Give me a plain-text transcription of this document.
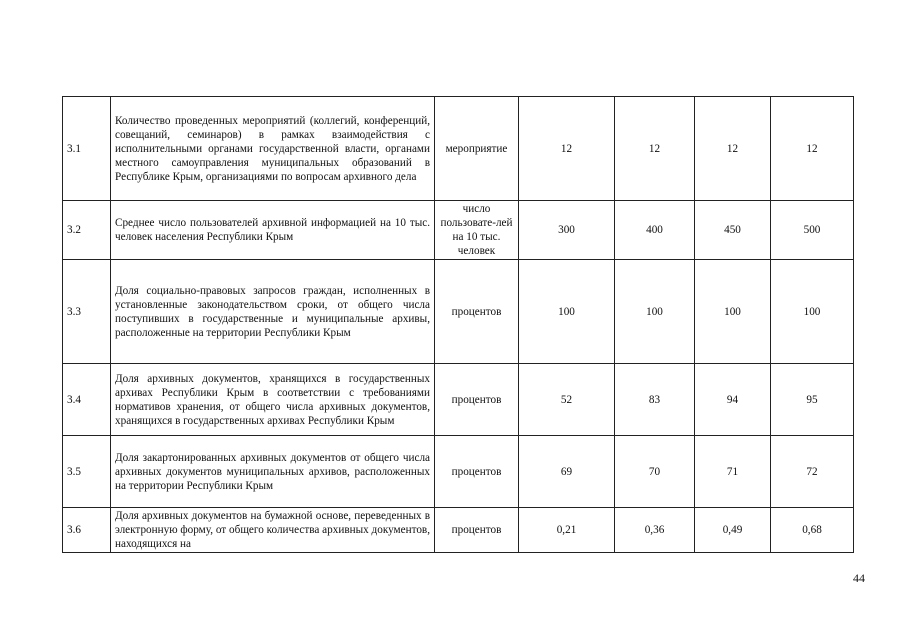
3.1	Количество проведенных мероприятий (коллегий, конференций, совещаний, семинаров) в рамках взаимодействия с исполнительными органами государственной власти, органами местного самоуправления муниципальных образований в Республике Крым, организациями по вопросам архивного дела	мероприятие	12	12	12	12
3.2	Среднее число пользователей архивной информацией на 10 тыс. человек населения Республики Крым	число пользовате-лей на 10 тыс. человек	300	400	450	500
3.3	Доля социально-правовых запросов граждан, исполненных в установленные законодательством сроки, от общего числа поступивших в государственные и муниципальные архивы, расположенные на территории Республики Крым	процентов	100	100	100	100
3.4	Доля архивных документов, хранящихся в государственных архивах Республики Крым в соответствии с требованиями нормативов хранения, от общего числа архивных документов, хранящихся в государственных архивах Республики Крым	процентов	52	83	94	95
3.5	Доля закартонированных архивных документов от общего числа архивных документов муниципальных архивов, расположенных на территории Республики Крым	процентов	69	70	71	72
3.6	Доля архивных документов на бумажной основе, переведенных в электронную форму, от общего количества архивных документов, находящихся на	процентов	0,21	0,36	0,49	0,68
44
